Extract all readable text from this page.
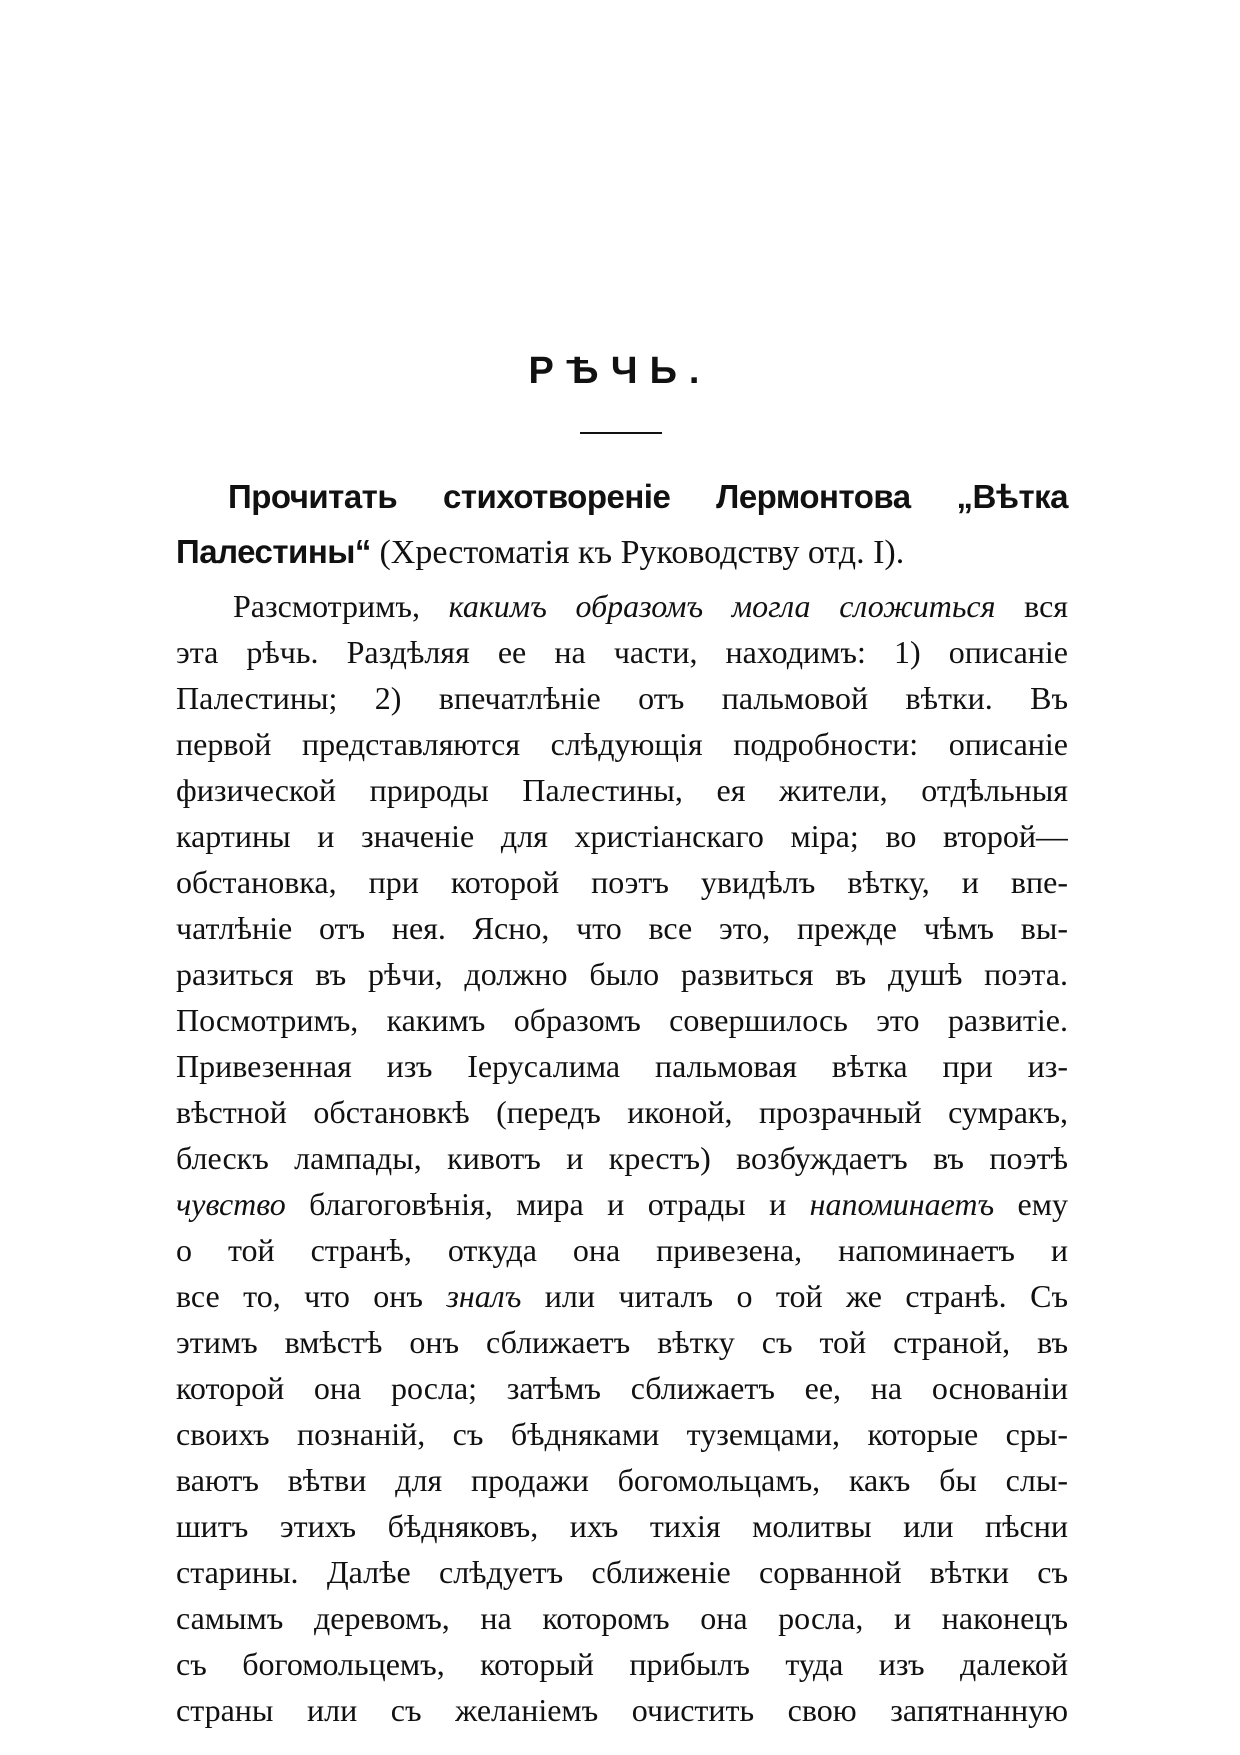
РѢЧЬ.

Прочитать стихотвореніе Лермонтова „Вѣтка Палестины“ (Хрестоматія къ Руководству отд. I).

Разсмотримъ, какимъ образомъ могла сложиться вся
эта рѣчь. Раздѣляя ее на части, находимъ: 1) описаніе
Палестины; 2) впечатлѣніе отъ пальмовой вѣтки. Въ
первой представляются слѣдующія подробности: описаніе
физической природы Палестины, ея жители, отдѣльныя
картины и значеніе для христіанскаго міра; во второй—
обстановка, при которой поэтъ увидѣлъ вѣтку, и впе-
чатлѣніе отъ нея. Ясно, что все это, прежде чѣмъ вы-
разиться въ рѣчи, должно было развиться въ душѣ поэта.
Посмотримъ, какимъ образомъ совершилось это развитіе.
Привезенная изъ Іерусалима пальмовая вѣтка при из-
вѣстной обстановкѣ (передъ иконой, прозрачный сумракъ,
блескъ лампады, кивотъ и крестъ) возбуждаетъ въ поэтѣ
чувство благоговѣнія, мира и отрады и напоминаетъ ему
о той странѣ, откуда она привезена, напоминаетъ и
все то, что онъ зналъ или читалъ о той же странѣ. Съ
этимъ вмѣстѣ онъ сближаетъ вѣтку съ той страной, въ
которой она росла; затѣмъ сближаетъ ее, на основаніи
своихъ познаній, съ бѣдняками туземцами, которые сры-
ваютъ вѣтви для продажи богомольцамъ, какъ бы слы-
шитъ этихъ бѣдняковъ, ихъ тихія молитвы или пѣсни
старины. Далѣе слѣдуетъ сближеніе сорванной вѣтки съ
самымъ деревомъ, на которомъ она росла, и наконецъ
съ богомольцемъ, который прибылъ туда изъ далекой
страны или съ желаніемъ очистить свою запятнанную
